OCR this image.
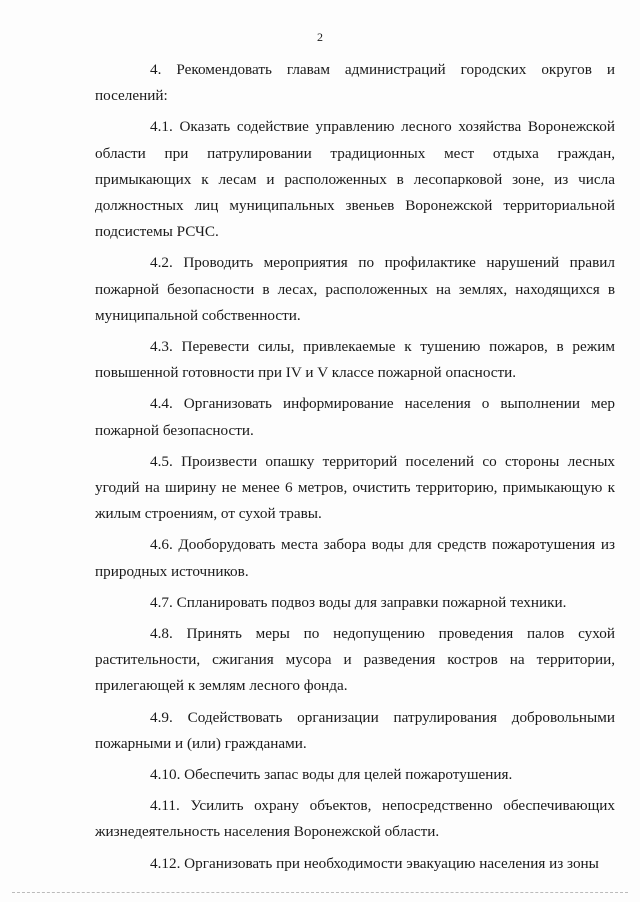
2

4. Рекомендовать главам администраций городских округов и поселений:

4.1. Оказать содействие управлению лесного хозяйства Воронежской области при патрулировании традиционных мест отдыха граждан, примыкающих к лесам и расположенных в лесопарковой зоне, из числа должностных лиц муниципальных звеньев Воронежской территориальной подсистемы РСЧС.

4.2. Проводить мероприятия по профилактике нарушений правил пожарной безопасности в лесах, расположенных на землях, находящихся в муниципальной собственности.

4.3. Перевести силы, привлекаемые к тушению пожаров, в режим повышенной готовности при IV и V классе пожарной опасности.

4.4. Организовать информирование населения о выполнении мер пожарной безопасности.

4.5. Произвести опашку территорий поселений со стороны лесных угодий на ширину не менее 6 метров, очистить территорию, примыкающую к жилым строениям, от сухой травы.

4.6. Дооборудовать места забора воды для средств пожаротушения из природных источников.

4.7. Спланировать подвоз воды для заправки пожарной техники.

4.8. Принять меры по недопущению проведения палов сухой растительности, сжигания мусора и разведения костров на территории, прилегающей к землям лесного фонда.

4.9. Содействовать организации патрулирования добровольными пожарными и (или) гражданами.

4.10. Обеспечить запас воды для целей пожаротушения.

4.11. Усилить охрану объектов, непосредственно обеспечивающих жизнедеятельность населения Воронежской области.

4.12. Организовать при необходимости эвакуацию населения из зоны
